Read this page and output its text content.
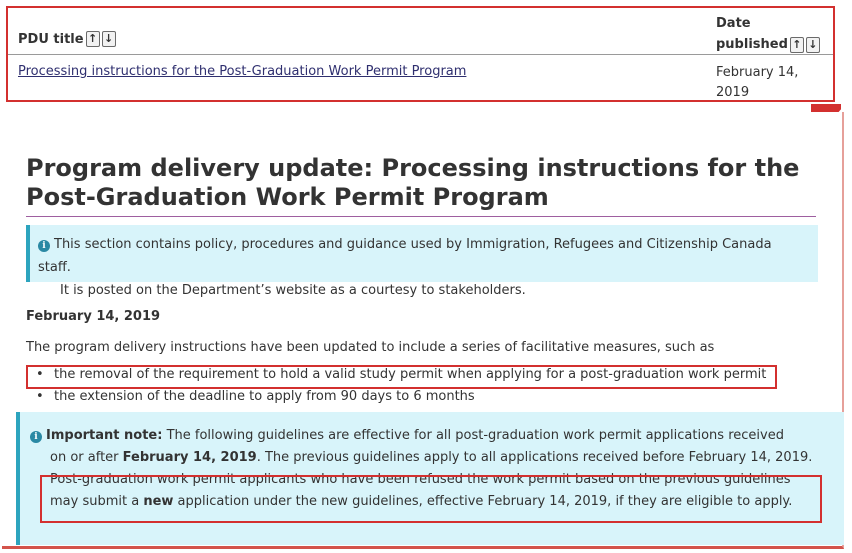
PDU title ↑ ↓
Date
published ↑ ↓
Processing instructions for the Post-Graduation Work Permit Program	February 14,
2019
Program delivery update: Processing instructions for the Post-Graduation Work Permit Program
i This section contains policy, procedures and guidance used by Immigration, Refugees and Citizenship Canada staff.
It is posted on the Department’s website as a courtesy to stakeholders.
February 14, 2019
The program delivery instructions have been updated to include a series of facilitative measures, such as
• the removal of the requirement to hold a valid study permit when applying for a post-graduation work permit
• the extension of the deadline to apply from 90 days to 6 months
i Important note: The following guidelines are effective for all post-graduation work permit applications received
on or after February 14, 2019. The previous guidelines apply to all applications received before February 14, 2019.
Post-graduation work permit applicants who have been refused the work permit based on the previous guidelines
may submit a new application under the new guidelines, effective February 14, 2019, if they are eligible to apply.
